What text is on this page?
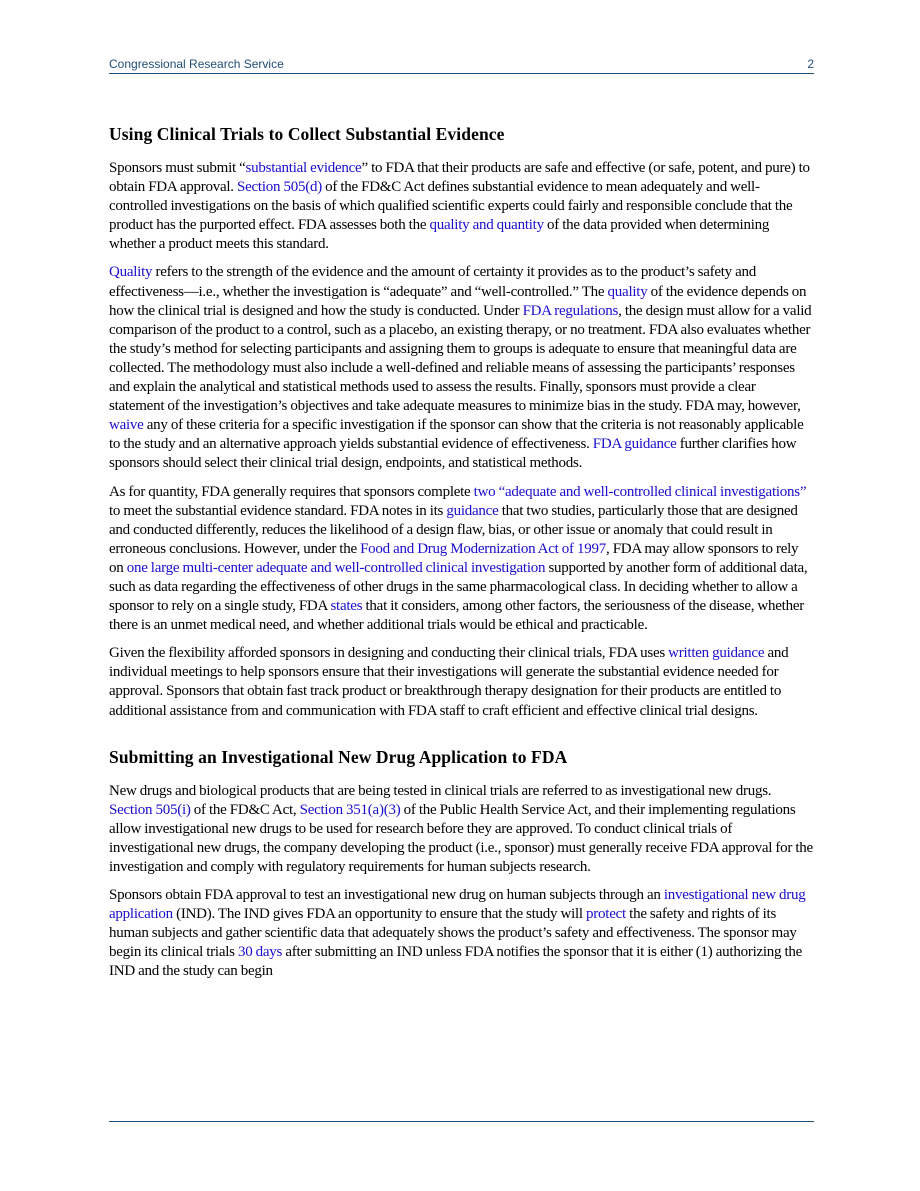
Congressional Research Service	2
Using Clinical Trials to Collect Substantial Evidence

Sponsors must submit “substantial evidence” to FDA that their products are safe and effective (or safe, potent, and pure) to obtain FDA approval. Section 505(d) of the FD&C Act defines substantial evidence to mean adequately and well-controlled investigations on the basis of which qualified scientific experts could fairly and responsible conclude that the product has the purported effect. FDA assesses both the quality and quantity of the data provided when determining whether a product meets this standard.

Quality refers to the strength of the evidence and the amount of certainty it provides as to the product’s safety and effectiveness—i.e., whether the investigation is “adequate” and “well-controlled.” The quality of the evidence depends on how the clinical trial is designed and how the study is conducted. Under FDA regulations, the design must allow for a valid comparison of the product to a control, such as a placebo, an existing therapy, or no treatment. FDA also evaluates whether the study’s method for selecting participants and assigning them to groups is adequate to ensure that meaningful data are collected. The methodology must also include a well-defined and reliable means of assessing the participants’ responses and explain the analytical and statistical methods used to assess the results. Finally, sponsors must provide a clear statement of the investigation’s objectives and take adequate measures to minimize bias in the study. FDA may, however, waive any of these criteria for a specific investigation if the sponsor can show that the criteria is not reasonably applicable to the study and an alternative approach yields substantial evidence of effectiveness. FDA guidance further clarifies how sponsors should select their clinical trial design, endpoints, and statistical methods.

As for quantity, FDA generally requires that sponsors complete two “adequate and well-controlled clinical investigations” to meet the substantial evidence standard. FDA notes in its guidance that two studies, particularly those that are designed and conducted differently, reduces the likelihood of a design flaw, bias, or other issue or anomaly that could result in erroneous conclusions. However, under the Food and Drug Modernization Act of 1997, FDA may allow sponsors to rely on one large multi-center adequate and well-controlled clinical investigation supported by another form of additional data, such as data regarding the effectiveness of other drugs in the same pharmacological class. In deciding whether to allow a sponsor to rely on a single study, FDA states that it considers, among other factors, the seriousness of the disease, whether there is an unmet medical need, and whether additional trials would be ethical and practicable.

Given the flexibility afforded sponsors in designing and conducting their clinical trials, FDA uses written guidance and individual meetings to help sponsors ensure that their investigations will generate the substantial evidence needed for approval. Sponsors that obtain fast track product or breakthrough therapy designation for their products are entitled to additional assistance from and communication with FDA staff to craft efficient and effective clinical trial designs.

Submitting an Investigational New Drug Application to FDA

New drugs and biological products that are being tested in clinical trials are referred to as investigational new drugs. Section 505(i) of the FD&C Act, Section 351(a)(3) of the Public Health Service Act, and their implementing regulations allow investigational new drugs to be used for research before they are approved. To conduct clinical trials of investigational new drugs, the company developing the product (i.e., sponsor) must generally receive FDA approval for the investigation and comply with regulatory requirements for human subjects research.

Sponsors obtain FDA approval to test an investigational new drug on human subjects through an investigational new drug application (IND). The IND gives FDA an opportunity to ensure that the study will protect the safety and rights of its human subjects and gather scientific data that adequately shows the product’s safety and effectiveness. The sponsor may begin its clinical trials 30 days after submitting an IND unless FDA notifies the sponsor that it is either (1) authorizing the IND and the study can begin
